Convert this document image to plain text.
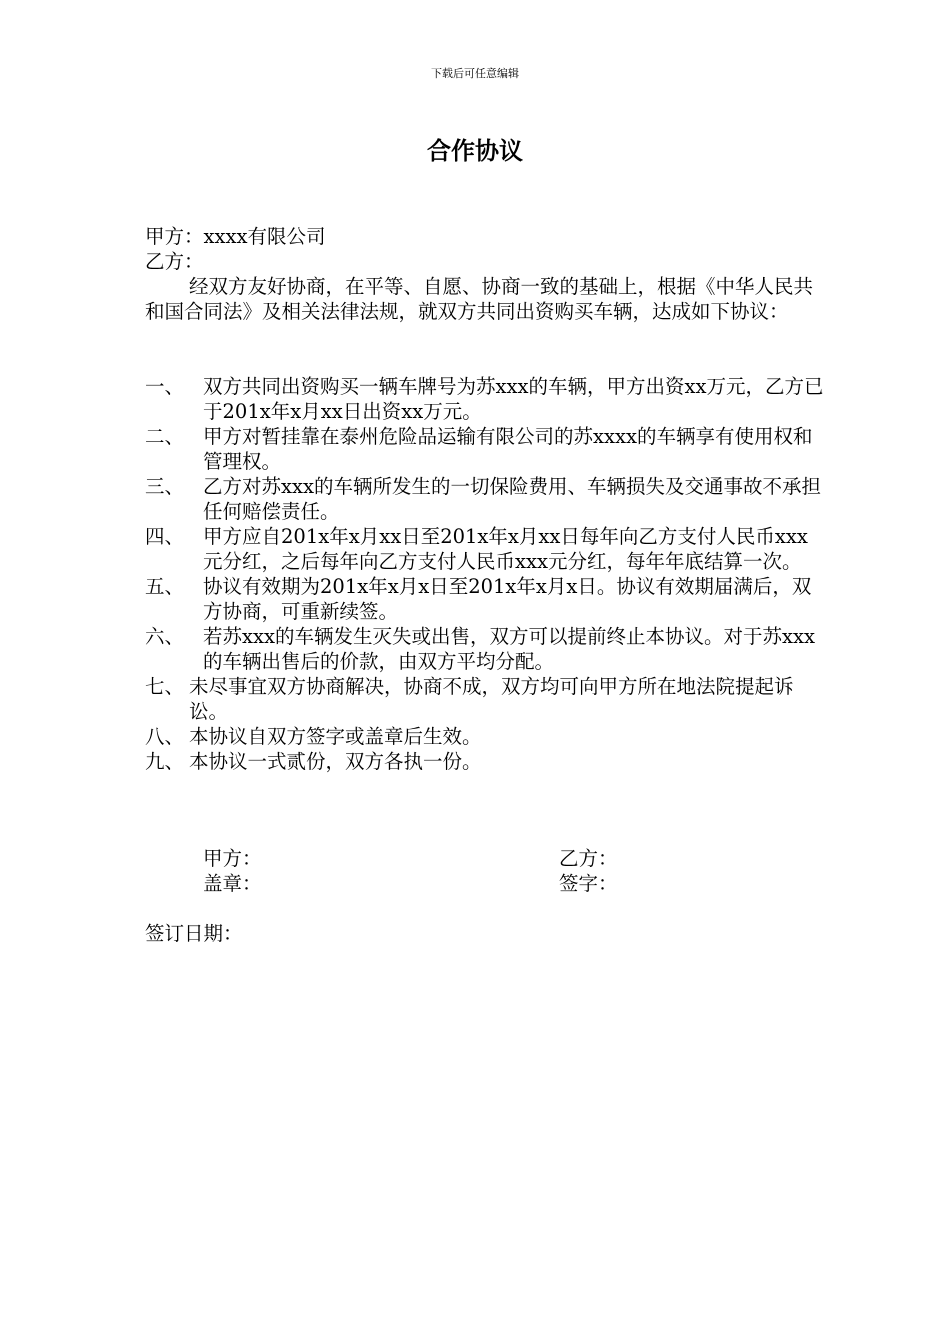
下载后可任意编辑
合作协议
甲方：xxxx有限公司
乙方：

经双方友好协商，在平等、自愿、协商一致的基础上，根据《中华人民共和国合同法》及相关法律法规，就双方共同出资购买车辆，达成如下协议：

一、 双方共同出资购买一辆车牌号为苏xxx的车辆，甲方出资xx万元，乙方已于201x年x月xx日出资xx万元。
二、 甲方对暂挂靠在泰州危险品运输有限公司的苏xxxx的车辆享有使用权和管理权。
三、 乙方对苏xxx的车辆所发生的一切保险费用、车辆损失及交通事故不承担任何赔偿责任。
四、 甲方应自201x年x月xx日至201x年x月xx日每年向乙方支付人民币xxx元分红，之后每年向乙方支付人民币xxx元分红，每年年底结算一次。
五、 协议有效期为201x年x月x日至201x年x月x日。协议有效期届满后，双方协商，可重新续签。
六、 若苏xxx的车辆发生灭失或出售，双方可以提前终止本协议。对于苏xxx的车辆出售后的价款，由双方平均分配。
七、 未尽事宜双方协商解决，协商不成，双方均可向甲方所在地法院提起诉讼。
八、 本协议自双方签字或盖章后生效。
九、 本协议一式贰份，双方各执一份。
甲方：	乙方：
盖章：	签字：
签订日期：
